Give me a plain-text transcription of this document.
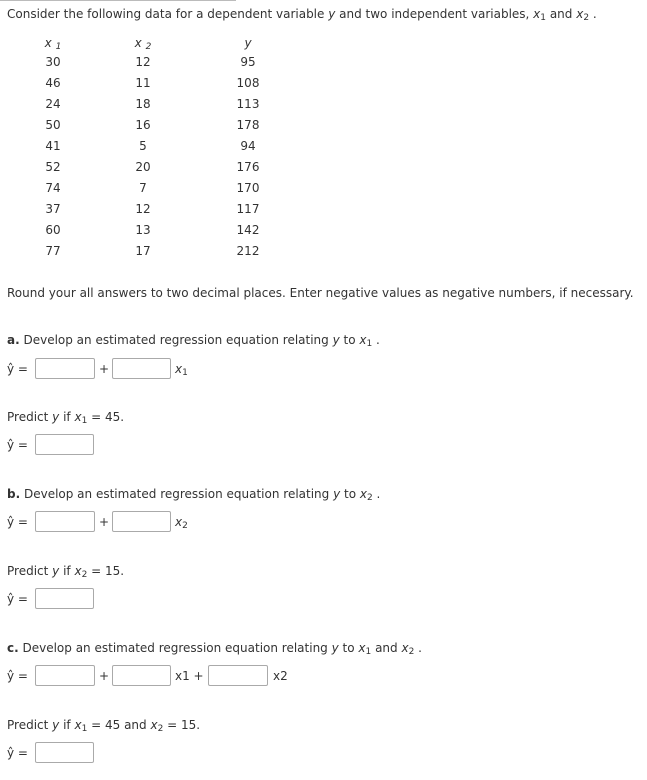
Consider the following data for a dependent variable y and two independent variables, $x_1$ and $x_2$ .
x $_1$	x $_2$	y
30	12	95
46	11	108
24	18	113
50	16	178
41	5	94
52	20	176
74	7	170
37	12	117
60	13	142
77	17	212
Round your all answers to two decimal places. Enter negative values as negative numbers, if necessary.
a. Develop an estimated regression equation relating y to $x_1$ .
ŷ =	+	$x_1$
Predict y if $x_1 = 45$.
ŷ =
b. Develop an estimated regression equation relating y to $x_2$ .
ŷ =	+	$x_2$
Predict y if $x_2 = 15$.
ŷ =
c. Develop an estimated regression equation relating y to $x_1$ and $x_2$ .
ŷ =	+	x1 +	x2
Predict y if $x_1 = 45$ and $x_2 = 15$.
ŷ =
